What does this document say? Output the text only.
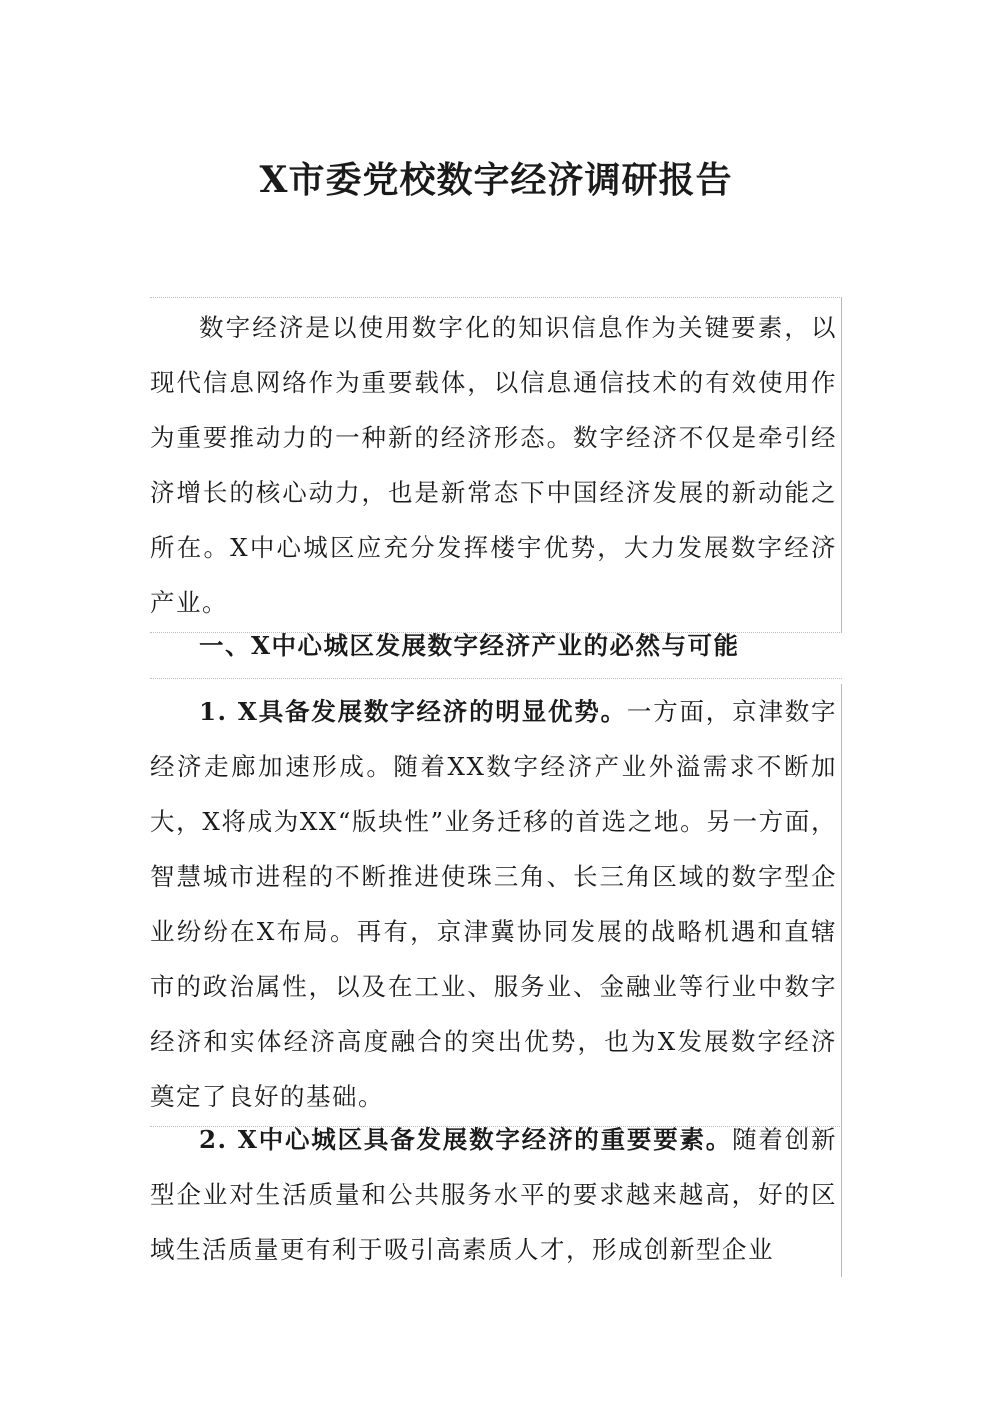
X市委党校数字经济调研报告

数字经济是以使用数字化的知识信息作为关键要素，以现代信息网络作为重要载体，以信息通信技术的有效使用作为重要推动力的一种新的经济形态。数字经济不仅是牵引经济增长的核心动力，也是新常态下中国经济发展的新动能之所在。X中心城区应充分发挥楼宇优势，大力发展数字经济产业。

一、X中心城区发展数字经济产业的必然与可能

1. X具备发展数字经济的明显优势。一方面，京津数字经济走廊加速形成。随着XX数字经济产业外溢需求不断加大，X将成为XX“版块性”业务迁移的首选之地。另一方面，智慧城市进程的不断推进使珠三角、长三角区域的数字型企业纷纷在X布局。再有，京津冀协同发展的战略机遇和直辖市的政治属性，以及在工业、服务业、金融业等行业中数字经济和实体经济高度融合的突出优势，也为X发展数字经济奠定了良好的基础。

2. X中心城区具备发展数字经济的重要要素。随着创新型企业对生活质量和公共服务水平的要求越来越高，好的区域生活质量更有利于吸引高素质人才，形成创新型企业
